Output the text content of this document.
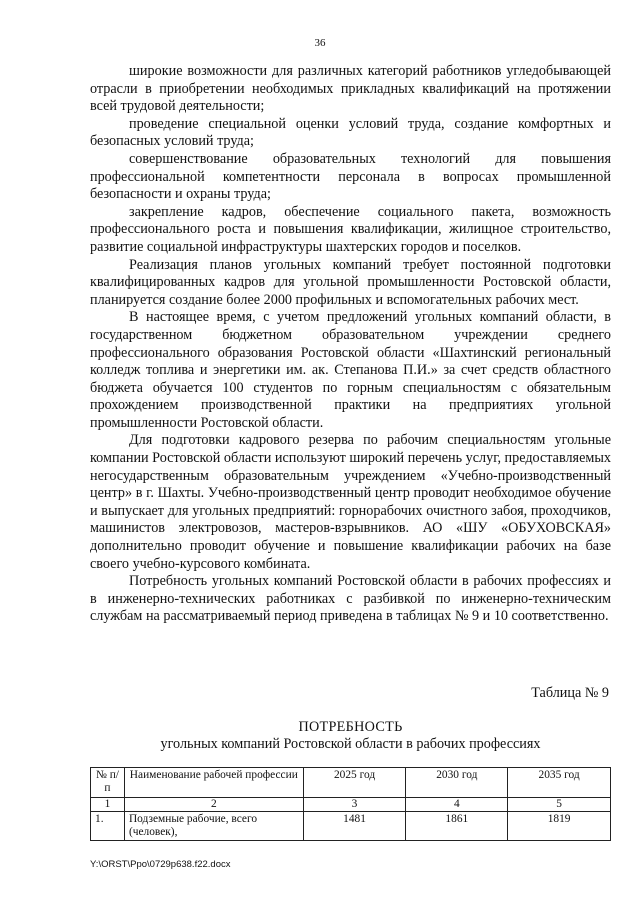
36

широкие возможности для различных категорий работников угледобывающей отрасли в приобретении необходимых прикладных квалификаций на протяжении всей трудовой деятельности;

проведение специальной оценки условий труда, создание комфортных и безопасных условий труда;

совершенствование образовательных технологий для повышения профессиональной компетентности персонала в вопросах промышленной безопасности и охраны труда;

закрепление кадров, обеспечение социального пакета, возможность профессионального роста и повышения квалификации, жилищное строительство, развитие социальной инфраструктуры шахтерских городов и поселков.

Реализация планов угольных компаний требует постоянной подготовки квалифицированных кадров для угольной промышленности Ростовской области, планируется создание более 2000 профильных и вспомогательных рабочих мест.

В настоящее время, с учетом предложений угольных компаний области, в государственном бюджетном образовательном учреждении среднего профессионального образования Ростовской области «Шахтинский региональный колледж топлива и энергетики им. ак. Степанова П.И.» за счет средств областного бюджета обучается 100 студентов по горным специальностям с обязательным прохождением производственной практики на предприятиях угольной промышленности Ростовской области.

Для подготовки кадрового резерва по рабочим специальностям угольные компании Ростовской области используют широкий перечень услуг, предоставляемых негосударственным образовательным учреждением «Учебно-производственный центр» в г. Шахты. Учебно-производственный центр проводит необходимое обучение и выпускает для угольных предприятий: горнорабочих очистного забоя, проходчиков, машинистов электровозов, мастеров-взрывников. АО «ШУ «ОБУХОВСКАЯ» дополнительно проводит обучение и повышение квалификации рабочих на базе своего учебно-курсового комбината.

Потребность угольных компаний Ростовской области в рабочих профессиях и в инженерно-технических работниках с разбивкой по инженерно-техническим службам на рассматриваемый период приведена в таблицах № 9 и 10 соответственно.

Таблица № 9
ПОТРЕБНОСТЬ
угольных компаний Ростовской области в рабочих профессиях
№ п/п	Наименование рабочей профессии	2025 год	2030 год	2035 год
1	2	3	4	5
1.	Подземные рабочие, всего (человек),	1481	1861	1819
Y:\ORST\Ppo\0729p638.f22.docx
